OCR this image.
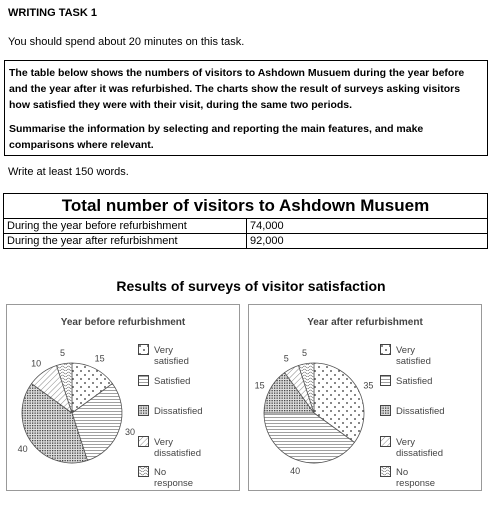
WRITING TASK 1
You should spend about 20 minutes on this task.

The table below shows the numbers of visitors to Ashdown Musuem during the year before and the year after it was refurbished. The charts show the result of surveys asking visitors how satisfied they were with their visit, during the same two periods.

Summarise the information by selecting and reporting the main features, and make comparisons where relevant.

Write at least 150 words.
Total number of visitors to Ashdown Musuem	
During the year before refurbishment	74,000
During the year after refurbishment	92,000
Results of surveys of visitor satisfaction
Year before refurbishment
15
30
40
10
5	Very satisfied
Satisfied
Dissatisfied
Very dissatisfied
No response
Year after refurbishment
35
40
15
5
5	Very satisfied
Satisfied
Dissatisfied
Very dissatisfied
No response
